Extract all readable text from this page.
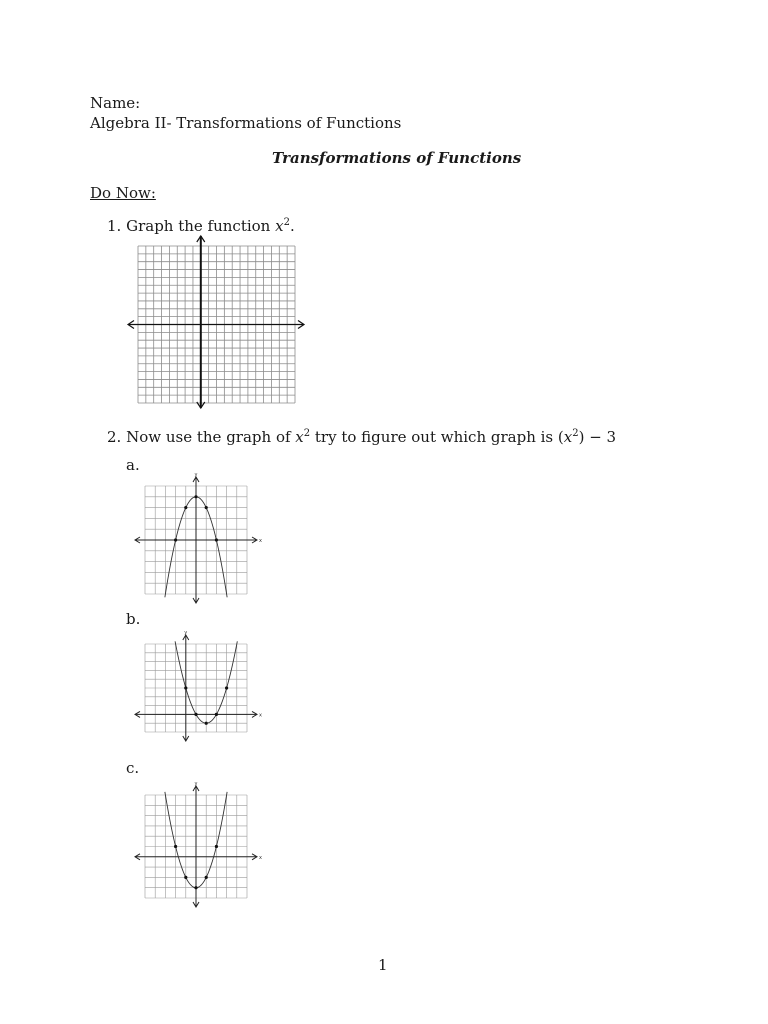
Name:
Algebra II- Transformations of Functions
Transformations of Functions
Do Now:
1. Graph the function $x^2$.
2. Now use the graph of $x^2$ try to figure out which graph is $(x^2) - 3$
a.
b.
c.
x
y
x
y
x
y
1
